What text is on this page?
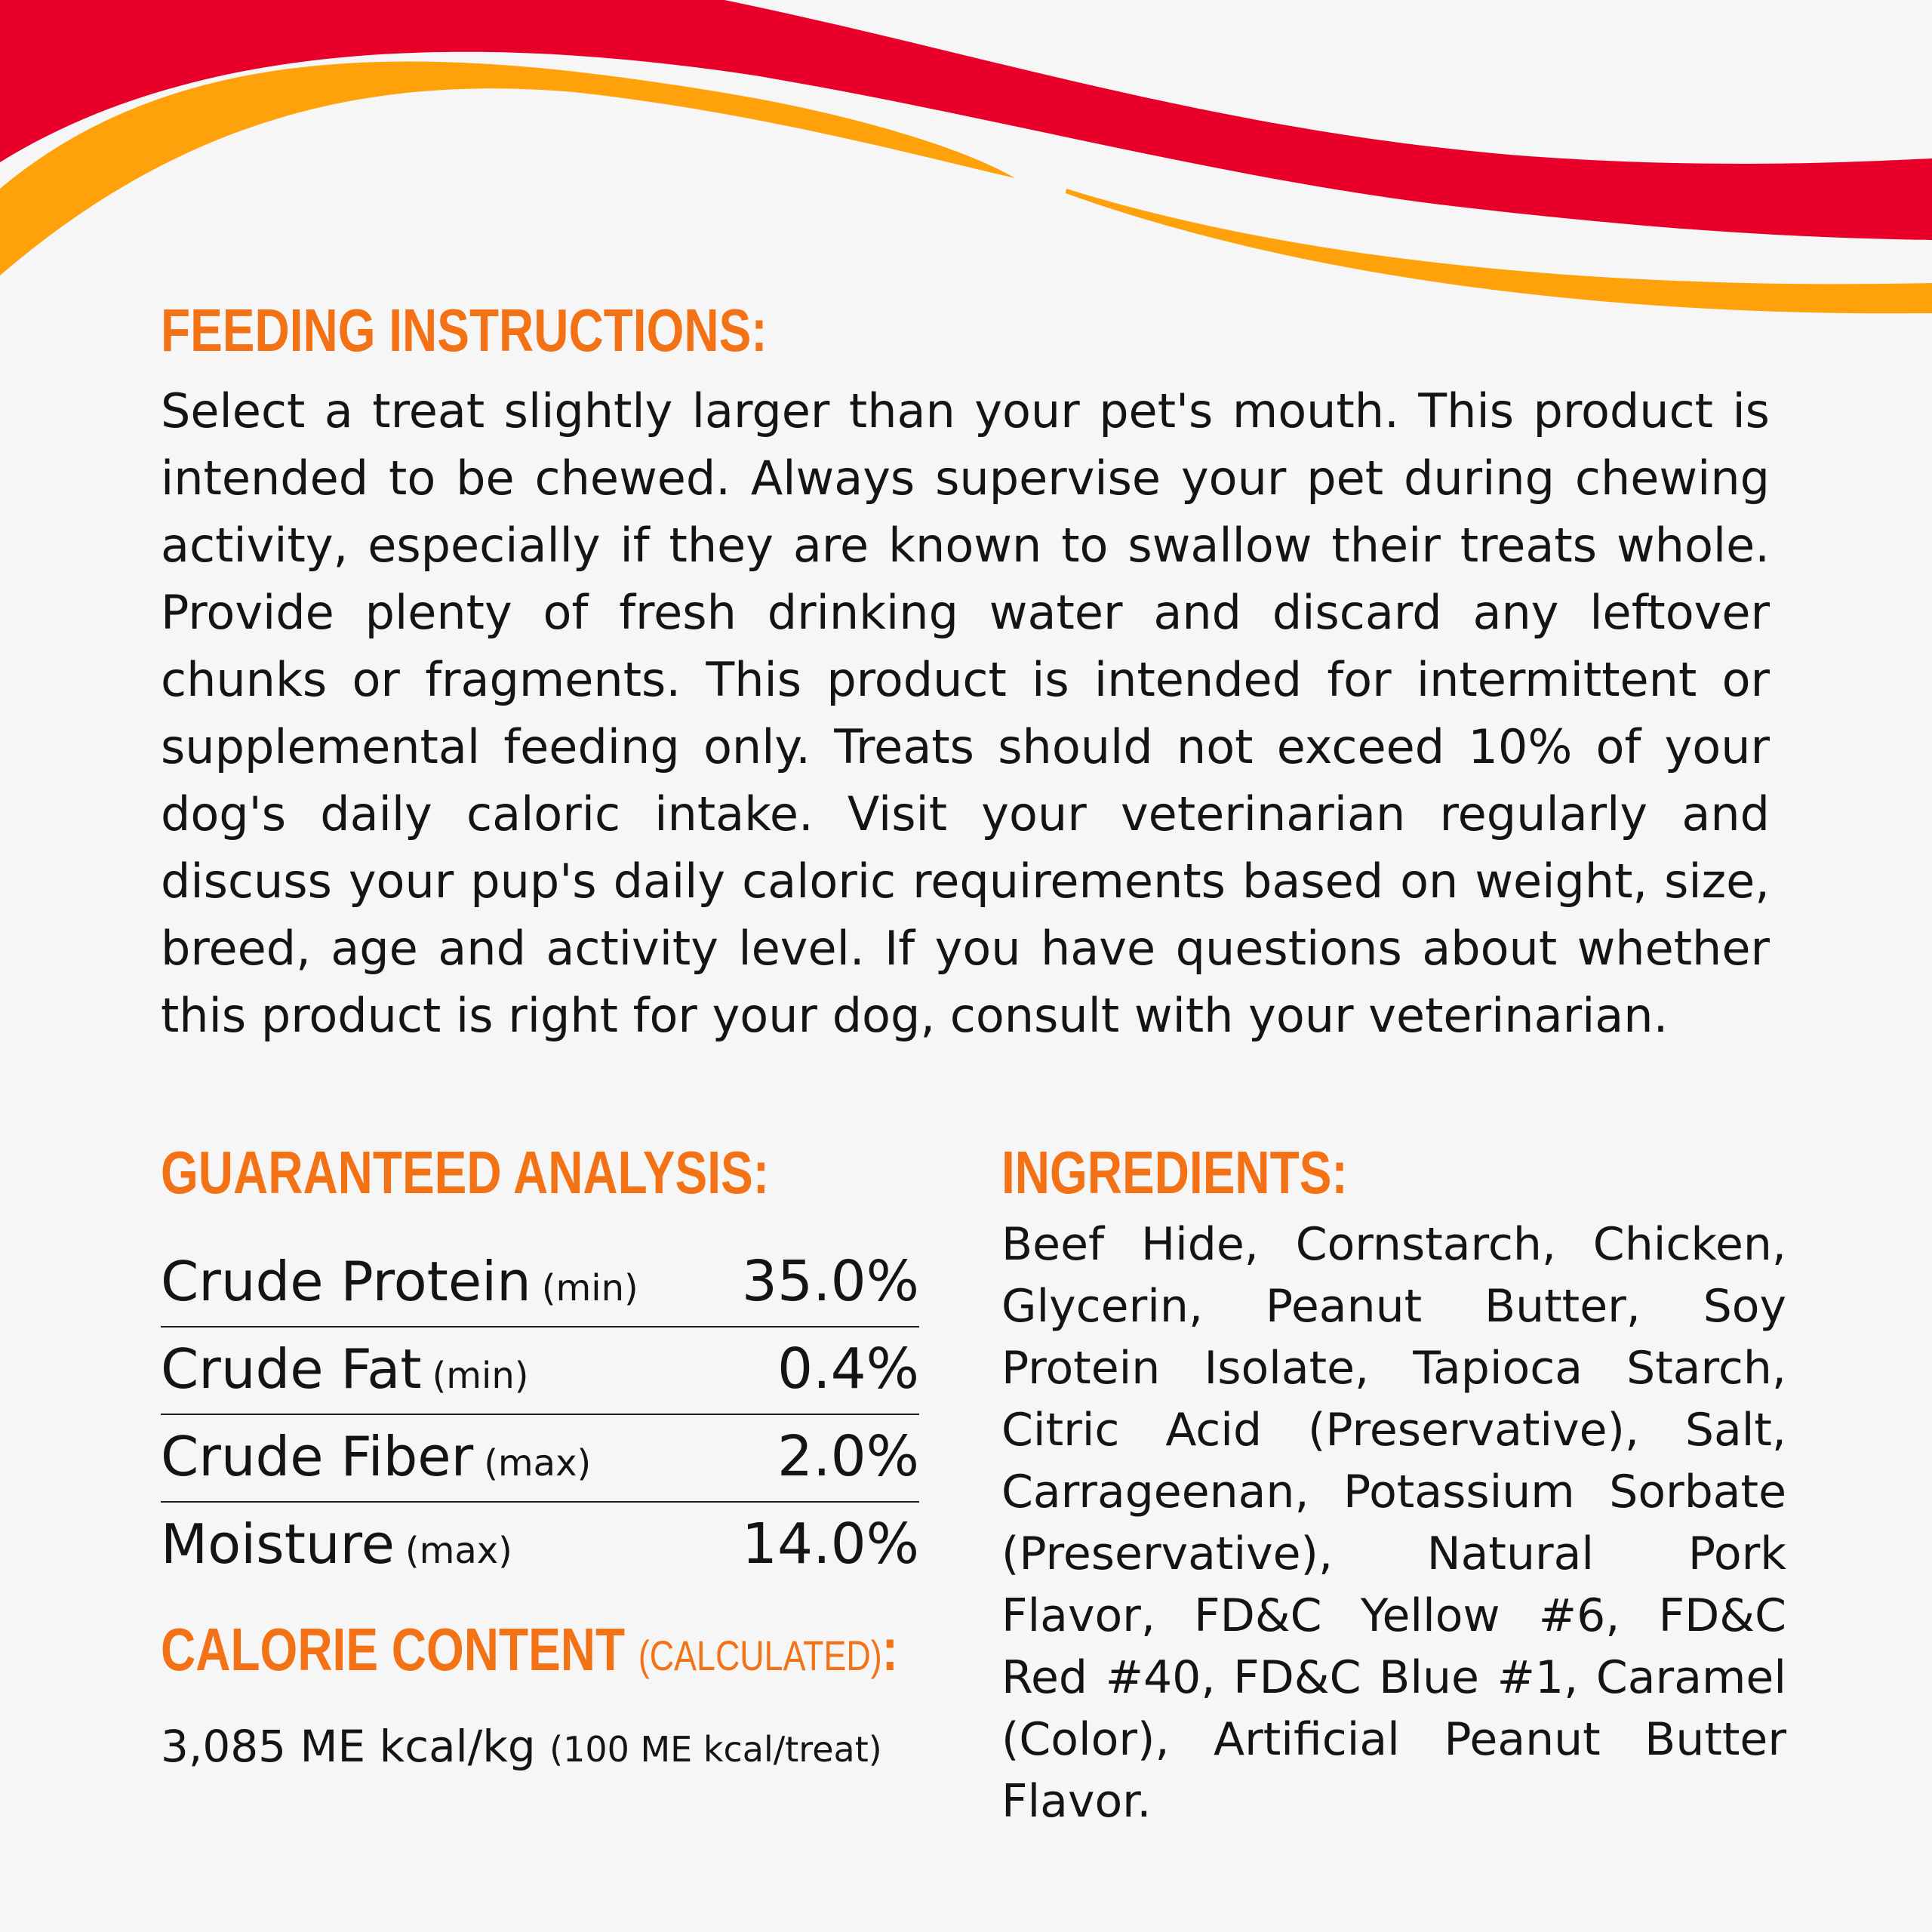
FEEDING INSTRUCTIONS:

Select a treat slightly larger than your pet's mouth. This product is intended to be chewed. Always supervise your pet during chewing activity, especially if they are known to swallow their treats whole. Provide plenty of fresh drinking water and discard any leftover chunks or fragments. This product is intended for intermittent or supplemental feeding only. Treats should not exceed 10% of your dog's daily caloric intake. Visit your veterinarian regularly and discuss your pup's daily caloric requirements based on weight, size, breed, age and activity level. If you have questions about whether this product is right for your dog, consult with your veterinarian.

GUARANTEED ANALYSIS:
Crude Protein (min) 35.0%
Crude Fat (min)	0.4%
Crude Fiber (max)	2.0%
Moisture (max)	14.0%
CALORIE CONTENT (CALCULATED):
3,085 ME kcal/kg (100 ME kcal/treat)
INGREDIENTS:

Beef Hide, Cornstarch, Chicken, Glycerin, Peanut Butter, Soy Protein Isolate, Tapioca Starch, Citric Acid (Preservative), Salt, Carrageenan, Potassium Sorbate (Preservative), Natural Pork Flavor, FD&C Yellow #6, FD&C Red #40, FD&C Blue #1, Caramel (Color), Artificial Peanut Butter Flavor.
